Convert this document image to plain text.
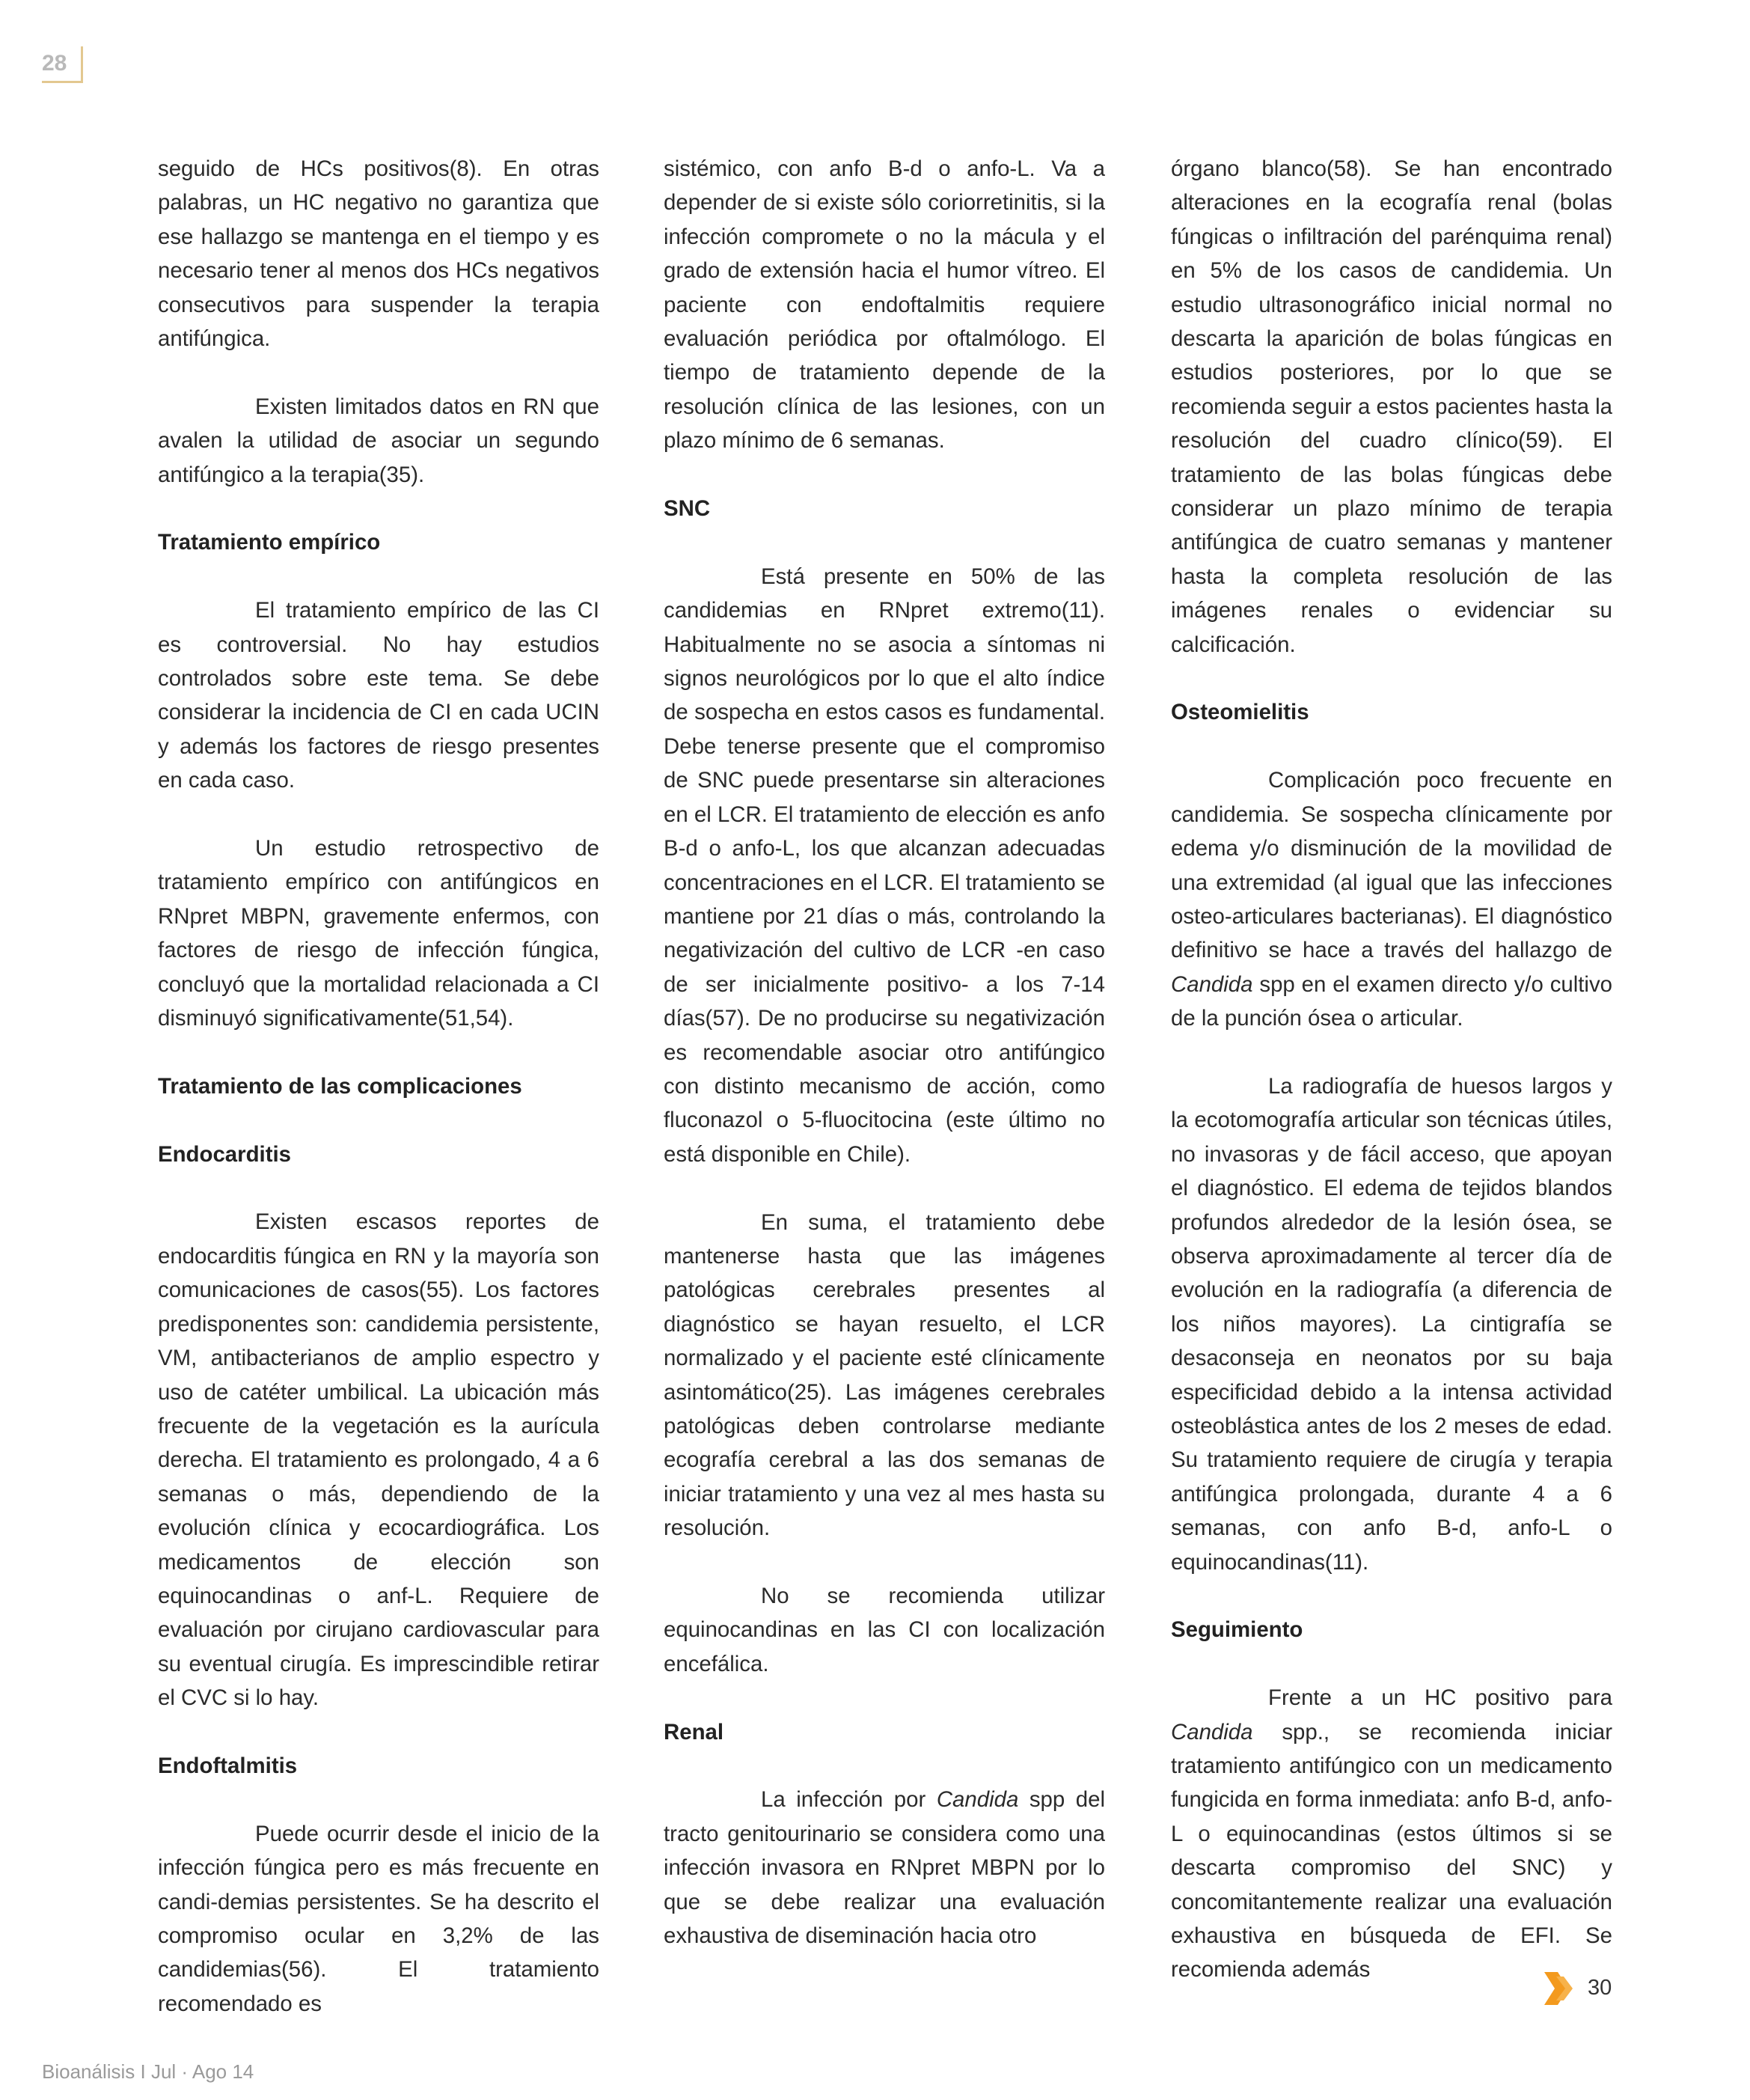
28

seguido de HCs positivos(8). En otras palabras, un HC negativo no garantiza que ese hallazgo se mantenga en el tiempo y es necesario tener al menos dos HCs negativos consecutivos para suspender la terapia antifúngica.

Existen limitados datos en RN que avalen la utilidad de asociar un segundo antifúngico a la terapia(35).

Tratamiento empírico

El tratamiento empírico de las CI es controversial. No hay estudios controlados sobre este tema. Se debe considerar la incidencia de CI en cada UCIN y además los factores de riesgo presentes en cada caso.

Un estudio retrospectivo de tratamiento empírico con antifúngicos en RNpret MBPN, gravemente enfermos, con factores de riesgo de infección fúngica, concluyó que la mortalidad relacionada a CI disminuyó significativamente(51,54).

Tratamiento de las complicaciones

Endocarditis

Existen escasos reportes de endocarditis fúngica en RN y la mayoría son comunicaciones de casos(55). Los factores predisponentes son: candidemia persistente, VM, antibacterianos de amplio espectro y uso de catéter umbilical. La ubicación más frecuente de la vegetación es la aurícula derecha. El tratamiento es prolongado, 4 a 6 semanas o más, dependiendo de la evolución clínica y ecocardiográfica. Los medicamentos de elección son equinocandinas o anf-L. Requiere de evaluación por cirujano cardiovascular para su eventual cirugía. Es imprescindible retirar el CVC si lo hay.

Endoftalmitis

Puede ocurrir desde el inicio de la infección fúngica pero es más frecuente en candi-demias persistentes. Se ha descrito el compromiso ocular en 3,2% de las candidemias(56). El tratamiento recomendado es

sistémico, con anfo B-d o anfo-L. Va a depender de si existe sólo coriorretinitis, si la infección compromete o no la mácula y el grado de extensión hacia el humor vítreo. El paciente con endoftalmitis requiere evaluación periódica por oftalmólogo. El tiempo de tratamiento depende de la resolución clínica de las lesiones, con un plazo mínimo de 6 semanas.

SNC

Está presente en 50% de las candidemias en RNpret extremo(11). Habitualmente no se asocia a síntomas ni signos neurológicos por lo que el alto índice de sospecha en estos casos es fundamental. Debe tenerse presente que el compromiso de SNC puede presentarse sin alteraciones en el LCR. El tratamiento de elección es anfo B-d o anfo-L, los que alcanzan adecuadas concentraciones en el LCR. El tratamiento se mantiene por 21 días o más, controlando la negativización del cultivo de LCR -en caso de ser inicialmente positivo- a los 7-14 días(57). De no producirse su negativización es recomendable asociar otro antifúngico con distinto mecanismo de acción, como fluconazol o 5-fluocitocina (este último no está disponible en Chile).

En suma, el tratamiento debe mantenerse hasta que las imágenes patológicas cerebrales presentes al diagnóstico se hayan resuelto, el LCR normalizado y el paciente esté clínicamente asintomático(25). Las imágenes cerebrales patológicas deben controlarse mediante ecografía cerebral a las dos semanas de iniciar tratamiento y una vez al mes hasta su resolución.

No se recomienda utilizar equinocandinas en las CI con localización encefálica.

Renal

La infección por Candida spp del tracto genitourinario se considera como una infección invasora en RNpret MBPN por lo que se debe realizar una evaluación exhaustiva de diseminación hacia otro

órgano blanco(58). Se han encontrado alteraciones en la ecografía renal (bolas fúngicas o infiltración del parénquima renal) en 5% de los casos de candidemia. Un estudio ultrasonográfico inicial normal no descarta la aparición de bolas fúngicas en estudios posteriores, por lo que se recomienda seguir a estos pacientes hasta la resolución del cuadro clínico(59). El tratamiento de las bolas fúngicas debe considerar un plazo mínimo de terapia antifúngica de cuatro semanas y mantener hasta la completa resolución de las imágenes renales o evidenciar su calcificación.

Osteomielitis

Complicación poco frecuente en candidemia. Se sospecha clínicamente por edema y/o disminución de la movilidad de una extremidad (al igual que las infecciones osteo-articulares bacterianas). El diagnóstico definitivo se hace a través del hallazgo de Candida spp en el examen directo y/o cultivo de la punción ósea o articular.

La radiografía de huesos largos y la ecotomografía articular son técnicas útiles, no invasoras y de fácil acceso, que apoyan el diagnóstico. El edema de tejidos blandos profundos alrededor de la lesión ósea, se observa aproximadamente al tercer día de evolución en la radiografía (a diferencia de los niños mayores). La cintigrafía se desaconseja en neonatos por su baja especificidad debido a la intensa actividad osteoblástica antes de los 2 meses de edad. Su tratamiento requiere de cirugía y terapia antifúngica prolongada, durante 4 a 6 semanas, con anfo B-d, anfo-L o equinocandinas(11).

Seguimiento

Frente a un HC positivo para Candida spp., se recomienda iniciar tratamiento antifúngico con un medicamento fungicida en forma inmediata: anfo B-d, anfo-L o equinocandinas (estos últimos si se descarta compromiso del SNC) y concomitantemente realizar una evaluación exhaustiva en búsqueda de EFI. Se recomienda además

30
Bioanálisis I Jul · Ago 14
